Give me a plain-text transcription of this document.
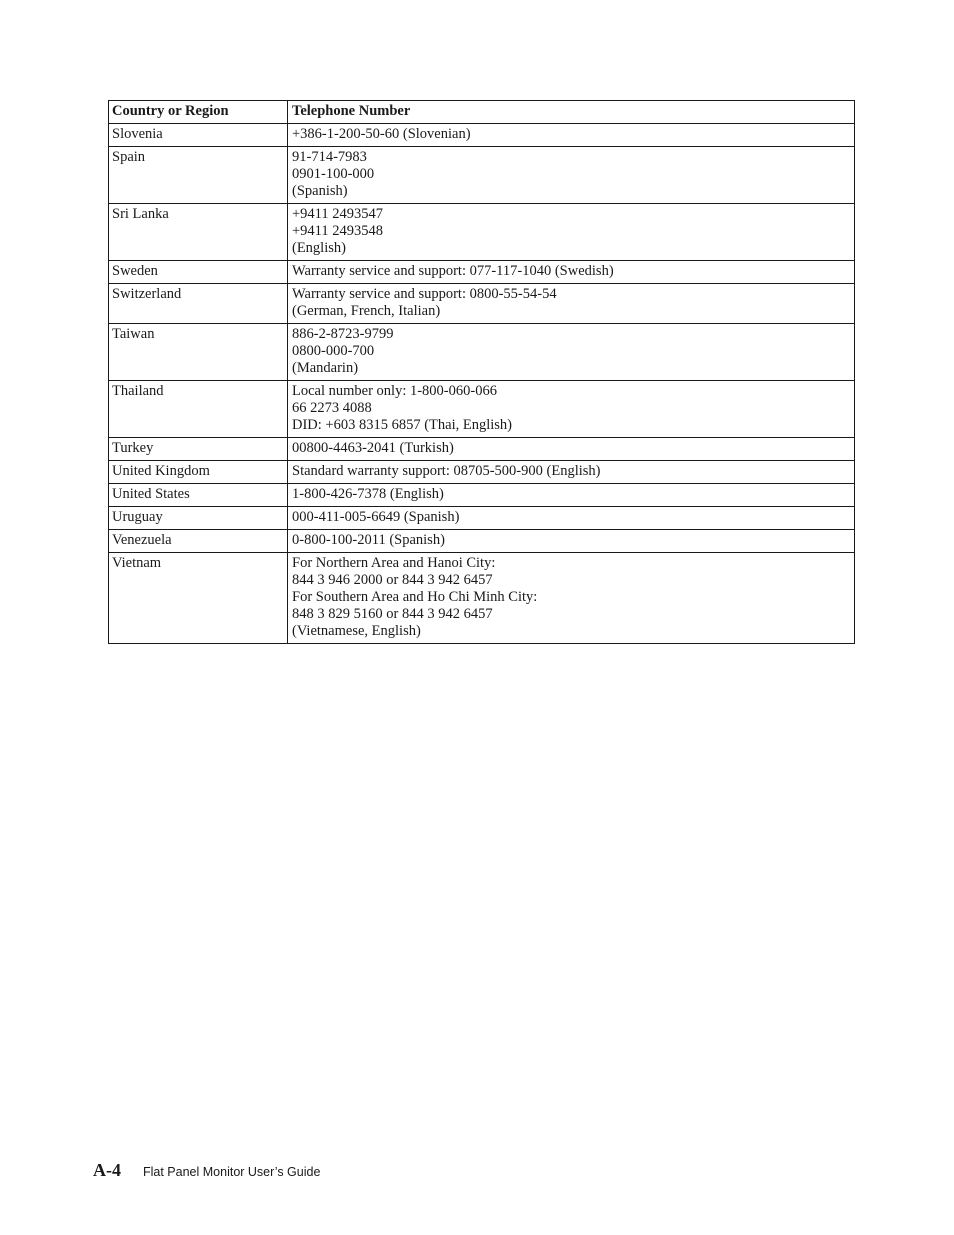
Country or Region	Telephone Number
Slovenia	+386-1-200-50-60 (Slovenian)

Spain	91-714-7983
0901-100-000
(Spanish)

Sri Lanka	+9411 2493547
+9411 2493548
(English)

Sweden	Warranty service and support: 077-117-1040 (Swedish)

Switzerland	Warranty service and support: 0800-55-54-54
(German, French, Italian)

Taiwan	886-2-8723-9799
0800-000-700
(Mandarin)

Thailand	Local number only: 1-800-060-066
66 2273 4088
DID: +603 8315 6857 (Thai, English)

Turkey	00800-4463-2041 (Turkish)

United Kingdom	Standard warranty support: 08705-500-900 (English)

United States	1-800-426-7378 (English)

Uruguay	000-411-005-6649 (Spanish)

Venezuela	0-800-100-2011 (Spanish)

Vietnam	For Northern Area and Hanoi City:
844 3 946 2000 or 844 3 942 6457
For Southern Area and Ho Chi Minh City:
848 3 829 5160 or 844 3 942 6457
(Vietnamese, English)
A-4 Flat Panel Monitor User’s Guide
